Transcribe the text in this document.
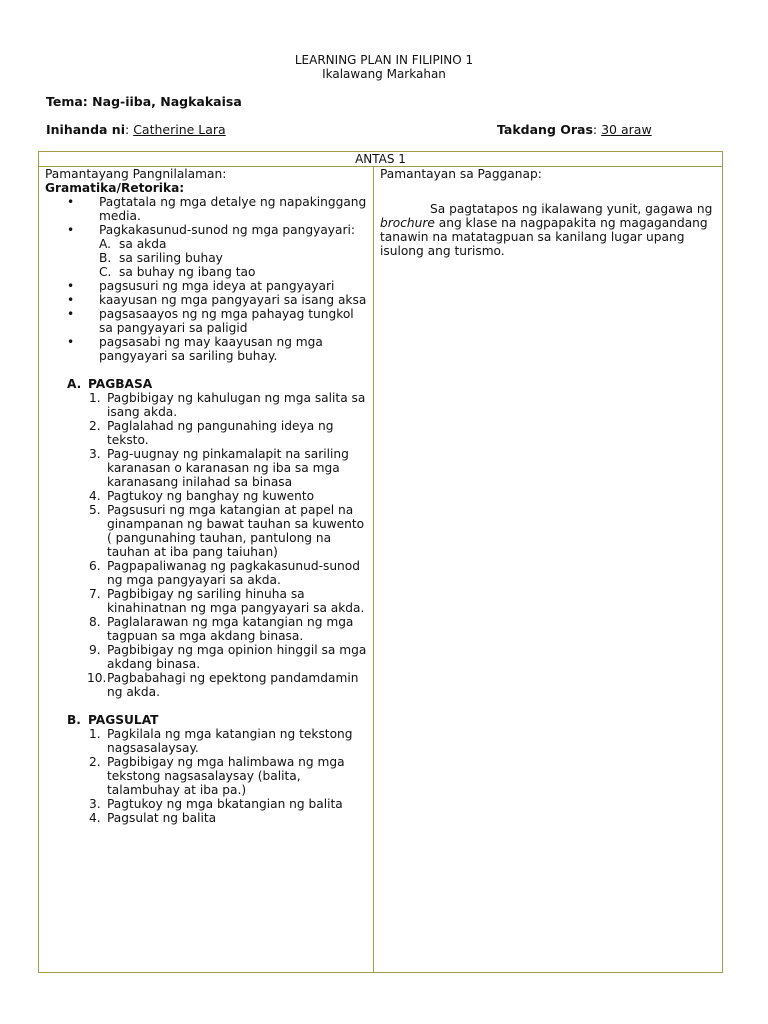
LEARNING PLAN IN FILIPINO 1
Ikalawang Markahan
Tema: Nag-iiba, Nagkakaisa
Inihanda ni: Catherine Lara	Takdang Oras: 30 araw
ANTAS 1
Pamantayang Pangnilalaman:
Gramatika/Retorika:
• Pagtatala ng mga detalye ng napakinggang media.
• Pagkakasunud-sunod ng mga pangyayari:
A. sa akda
B. sa sariling buhay
C. sa buhay ng ibang tao
• pagsusuri ng mga ideya at pangyayari
• kaayusan ng mga pangyayari sa isang aksa
• pagsasaayos ng ng mga pahayag tungkol sa pangyayari sa paligid
• pagsasabi ng may kaayusan ng mga pangyayari sa sariling buhay.
A. PAGBASA
1. Pagbibigay ng kahulugan ng mga salita sa isang akda.
2. Paglalahad ng pangunahing ideya ng teksto.
3. Pag-uugnay ng pinkamalapit na sariling karanasan o karanasan ng iba sa mga karanasang inilahad sa binasa
4. Pagtukoy ng banghay ng kuwento
5. Pagsusuri ng mga katangian at papel na ginampanan ng bawat tauhan sa kuwento ( pangunahing tauhan, pantulong na tauhan at iba pang taiuhan)
6. Pagpapaliwanag ng pagkakasunud-sunod ng mga pangyayari sa akda.
7. Pagbibigay ng sariling hinuha sa kinahinatnan ng mga pangyayari sa akda.
8. Paglalarawan ng mga katangian ng mga tagpuan sa mga akdang binasa.
9. Pagbibigay ng mga opinion hinggil sa mga akdang binasa.
10. Pagbabahagi ng epektong pandamdamin ng akda.
B. PAGSULAT
1. Pagkilala ng mga katangian ng tekstong nagsasalaysay.
2. Pagbibigay ng mga halimbawa ng mga tekstong nagsasalaysay (balita, talambuhay at iba pa.)
3. Pagtukoy ng mga bkatangian ng balita
4. Pagsulat ng balita
Pamantayan sa Pagganap:
Sa pagtatapos ng ikalawang yunit, gagawa ng brochure ang klase na nagpapakita ng magagandang tanawin na matatagpuan sa kanilang lugar upang isulong ang turismo.
